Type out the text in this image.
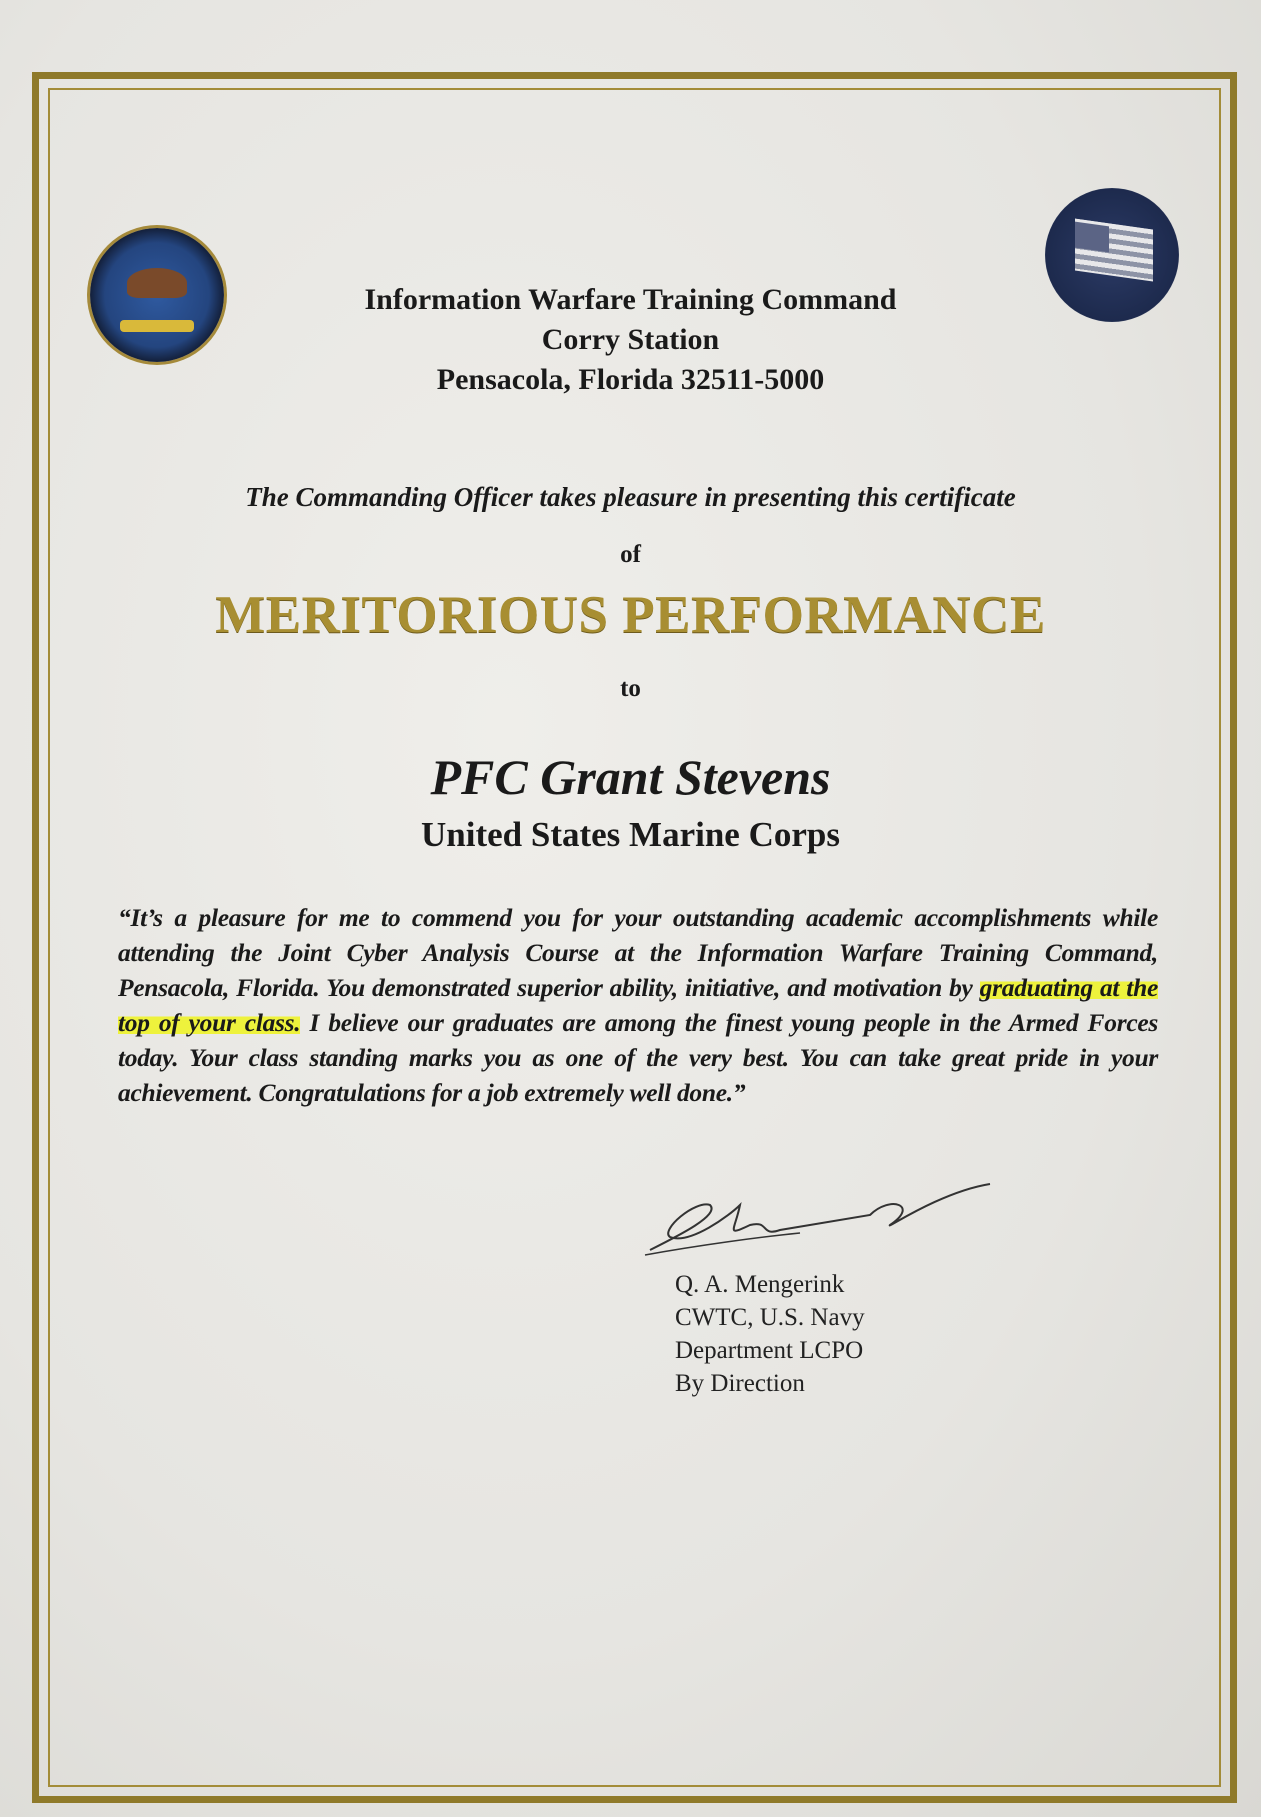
Information Warfare Training Command
Corry Station
Pensacola, Florida 32511-5000
The Commanding Officer takes pleasure in presenting this certificate
of
MERITORIOUS PERFORMANCE
to
PFC Grant Stevens
United States Marine Corps
“It’s a pleasure for me to commend you for your outstanding academic accomplishments while attending the Joint Cyber Analysis Course at the Information Warfare Training Command, Pensacola, Florida. You demonstrated superior ability, initiative, and motivation by graduating at the top of your class. I believe our graduates are among the finest young people in the Armed Forces today. Your class standing marks you as one of the very best. You can take great pride in your achievement. Congratulations for a job extremely well done.”
Q. A. Mengerink
CWTC, U.S. Navy
Department LCPO
By Direction
